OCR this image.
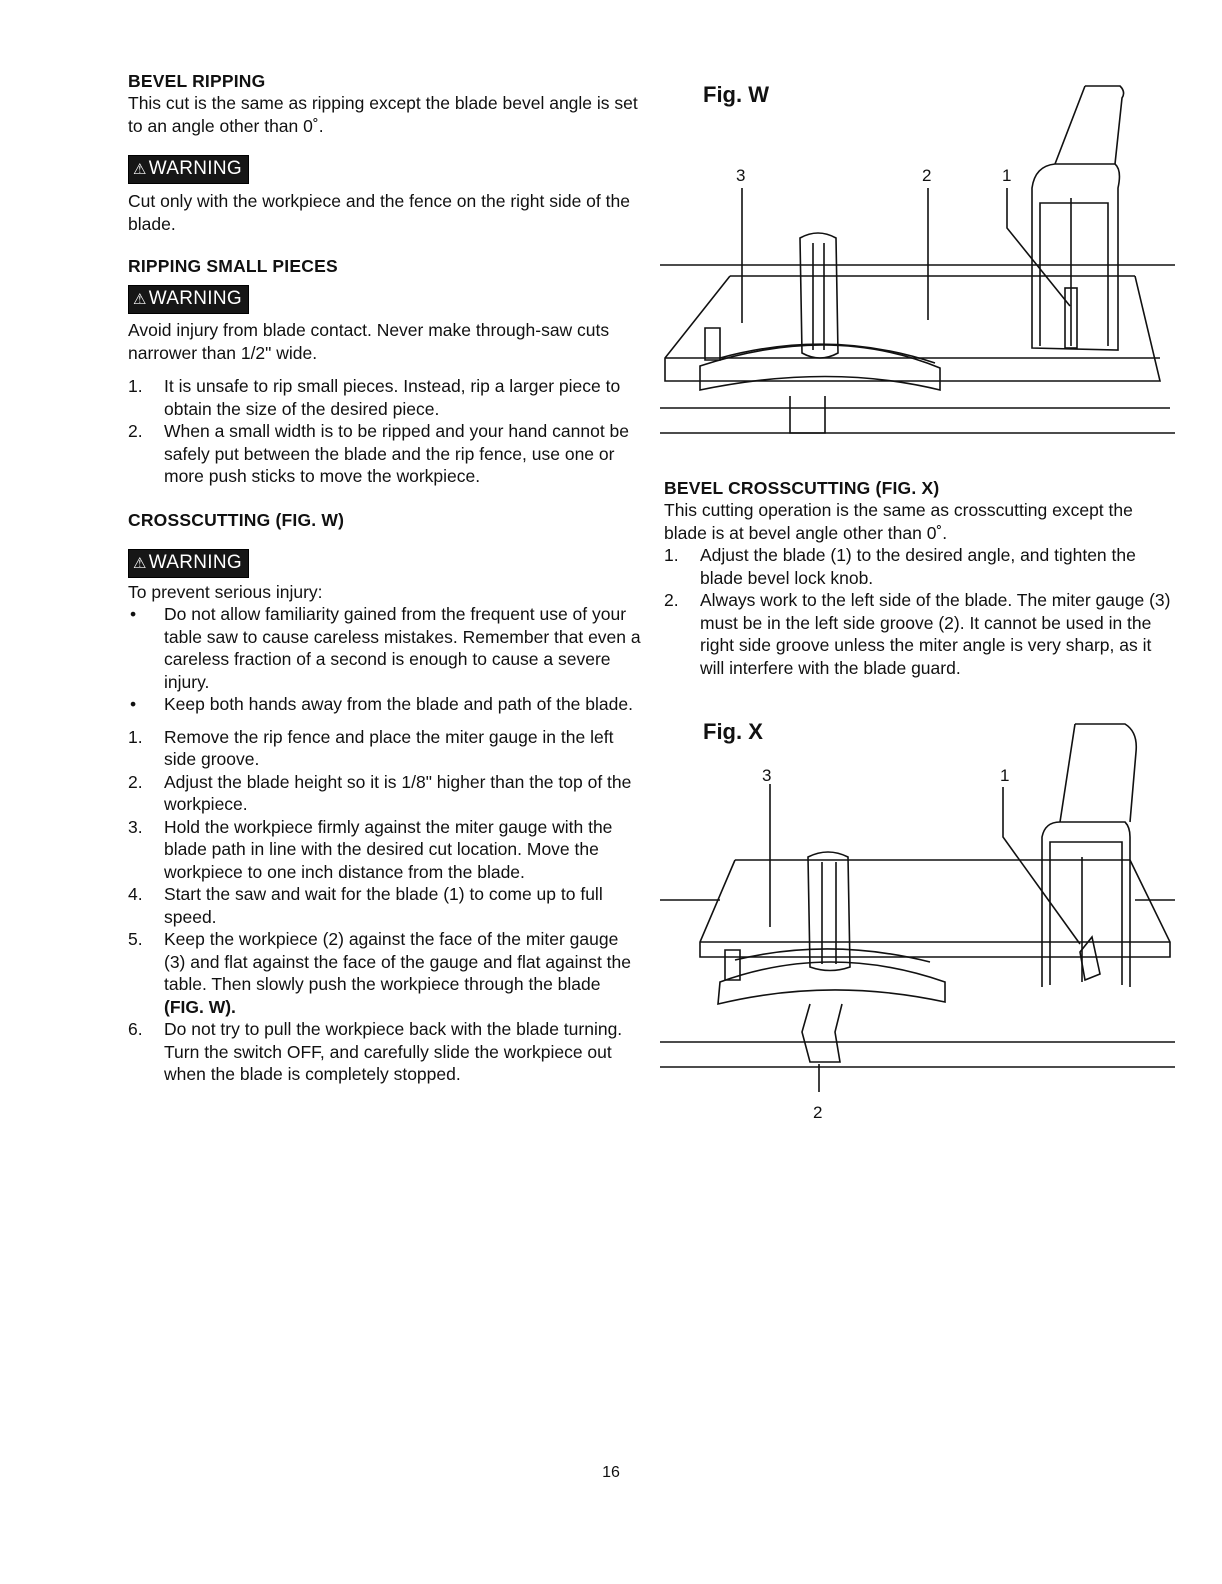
BEVEL RIPPING

This cut is the same as ripping except the blade bevel angle is set to an angle other than 0˚.

⚠ WARNING

Cut only with the workpiece and the fence on the right side of the blade.

RIPPING SMALL PIECES
⚠ WARNING

Avoid injury from blade contact. Never make through-saw cuts narrower than 1/2" wide.

1. It is unsafe to rip small pieces. Instead, rip a larger piece to obtain the size of the desired piece.
2. When a small width is to be ripped and your hand cannot be safely put between the blade and the rip fence, use one or more push sticks to move the workpiece.
CROSSCUTTING (FIG. W)
⚠ WARNING

To prevent serious injury:

• Do not allow familiarity gained from the frequent use of your table saw to cause careless mistakes. Remember that even a careless fraction of a second is enough to cause a severe injury.
• Keep both hands away from the blade and path of the blade.
1. Remove the rip fence and place the miter gauge in the left side groove.
2. Adjust the blade height so it is 1/8" higher than the top of the workpiece.
3. Hold the workpiece firmly against the miter gauge with the blade path in line with the desired cut location. Move the workpiece to one inch distance from the blade.
4. Start the saw and wait for the blade (1) to come up to full speed.
5. Keep the workpiece (2) against the face of the miter gauge (3) and flat against the face of the gauge and flat against the table. Then slowly push the workpiece through the blade (FIG. W).
6. Do not try to pull the workpiece back with the blade turning. Turn the switch OFF, and carefully slide the workpiece out when the blade is completely stopped.
Fig. W
3	2	1
BEVEL CROSSCUTTING (FIG. X)

This cutting operation is the same as crosscutting except the blade is at bevel angle other than 0˚.

1. Adjust the blade (1) to the desired angle, and tighten the blade bevel lock knob.
2. Always work to the left side of the blade. The miter gauge (3) must be in the left side groove (2). It cannot be used in the right side groove unless the miter angle is very sharp, as it will interfere with the blade guard.
Fig. X
3	1
2
16
